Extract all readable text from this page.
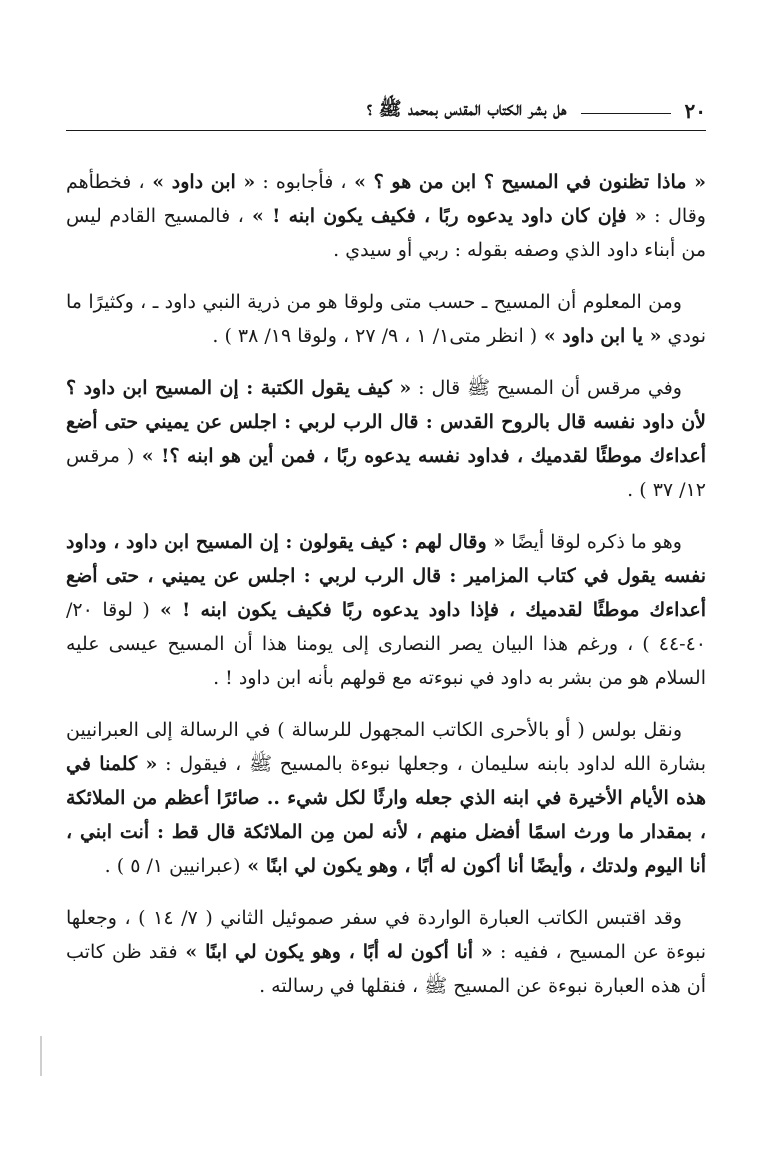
٢٠
هل بشر الكتاب المقدس بمحمد ﷺ ؟

« ماذا تظنون في المسيح ؟ ابن من هو ؟ » ، فأجابوه : « ابن داود » ، فخطأهم وقال : « فإن كان داود يدعوه ربًا ، فكيف يكون ابنه ! » ، فالمسيح القادم ليس من أبناء داود الذي وصفه بقوله : ربي أو سيدي .

ومن المعلوم أن المسيح ـ حسب متى ولوقا هو من ذرية النبي داود ـ ، وكثيرًا ما نودي « يا ابن داود » ( انظر متى١/ ١ ، ٩/ ٢٧ ، ولوقا ١٩/ ٣٨ ) .

وفي مرقس أن المسيح ﷺ قال : « كيف يقول الكتبة : إن المسيح ابن داود ؟ لأن داود نفسه قال بالروح القدس : قال الرب لربي : اجلس عن يميني حتى أضع أعداءك موطئًا لقدميك ، فداود نفسه يدعوه ربًا ، فمن أين هو ابنه ؟! » ( مرقس ١٢/ ٣٧ ) .

وهو ما ذكره لوقا أيضًا « وقال لهم : كيف يقولون : إن المسيح ابن داود ، وداود نفسه يقول في كتاب المزامير : قال الرب لربي : اجلس عن يميني ، حتى أضع أعداءك موطئًا لقدميك ، فإذا داود يدعوه ربًا فكيف يكون ابنه ! » ( لوقا ٢٠/ ٤٠-٤٤ ) ، ورغم هذا البيان يصر النصارى إلى يومنا هذا أن المسيح عيسى عليه السلام هو من بشر به داود في نبوءته مع قولهم بأنه ابن داود ! .

ونقل بولس ( أو بالأحرى الكاتب المجهول للرسالة ) في الرسالة إلى العبرانيين بشارة الله لداود بابنه سليمان ، وجعلها نبوءة بالمسيح ﷺ ، فيقول : « كلمنا في هذه الأيام الأخيرة في ابنه الذي جعله وارثًا لكل شيء .. صائرًا أعظم من الملائكة ، بمقدار ما ورث اسمًا أفضل منهم ، لأنه لمن مِن الملائكة قال قط : أنت ابني ، أنا اليوم ولدتك ، وأيضًا أنا أكون له أبًا ، وهو يكون لي ابنًا » (عبرانيين ١/ ٥ ) .

وقد اقتبس الكاتب العبارة الواردة في سفر صموئيل الثاني ( ٧/ ١٤ ) ، وجعلها نبوءة عن المسيح ، ففيه : « أنا أكون له أبًا ، وهو يكون لي ابنًا » فقد ظن كاتب أن هذه العبارة نبوءة عن المسيح ﷺ ، فنقلها في رسالته .
